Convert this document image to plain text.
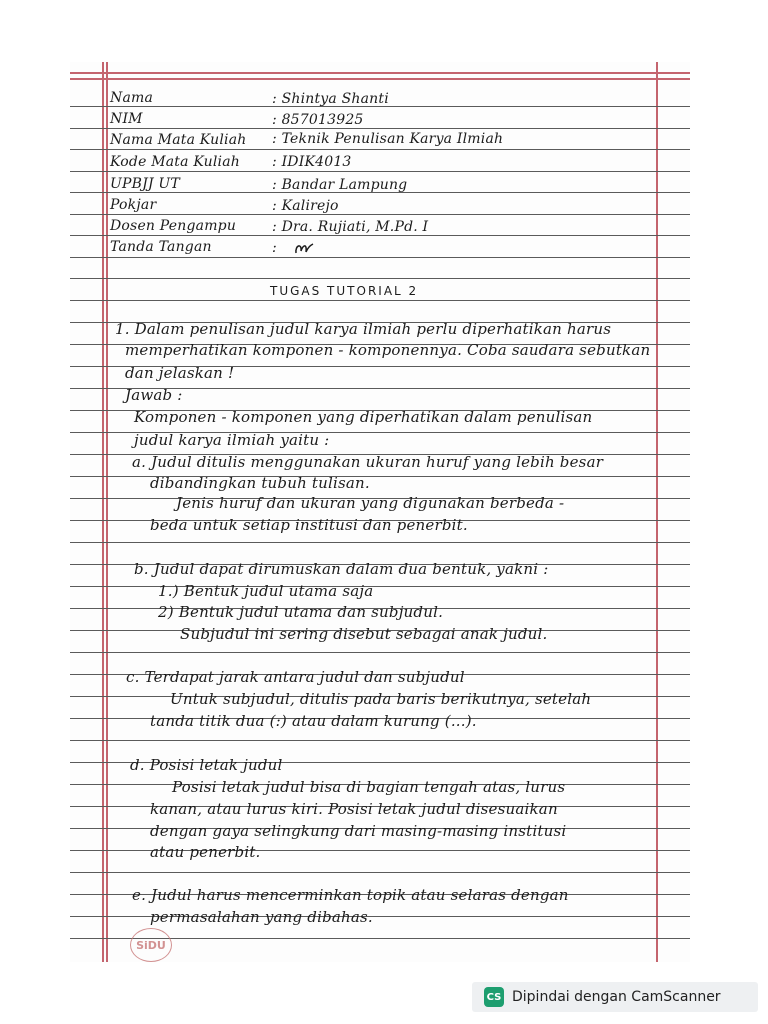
Nama	: Shintya Shanti
NIM	: 857013925
Nama Mata Kuliah : Teknik Penulisan Karya Ilmiah
Kode Mata Kuliah : IDIK4013
UPBJJ UT	: Bandar Lampung
Pokjar	: Kalirejo
Dosen Pengampu	: Dra. Rujiati, M.Pd. I
Tanda Tangan	:
TUGAS TUTORIAL 2
1. Dalam penulisan judul karya ilmiah perlu diperhatikan harus
memperhatikan komponen - komponennya. Coba saudara sebutkan
dan jelaskan !
Jawab :
Komponen - komponen yang diperhatikan dalam penulisan
judul karya ilmiah yaitu :
a. Judul ditulis menggunakan ukuran huruf yang lebih besar
dibandingkan tubuh tulisan.
Jenis huruf dan ukuran yang digunakan berbeda -
beda untuk setiap institusi dan penerbit.
b. Judul dapat dirumuskan dalam dua bentuk, yakni :
1.) Bentuk judul utama saja
2) Bentuk judul utama dan subjudul.
Subjudul ini sering disebut sebagai anak judul.
c. Terdapat jarak antara judul dan subjudul
Untuk subjudul, ditulis pada baris berikutnya, setelah
tanda titik dua (:) atau dalam kurung (...).
d. Posisi letak judul
Posisi letak judul bisa di bagian tengah atas, lurus
kanan, atau lurus kiri. Posisi letak judul disesuaikan
dengan gaya selingkung dari masing-masing institusi
atau penerbit.
e. Judul harus mencerminkan topik atau selaras dengan
permasalahan yang dibahas.
SiDU
CS Dipindai dengan CamScanner
